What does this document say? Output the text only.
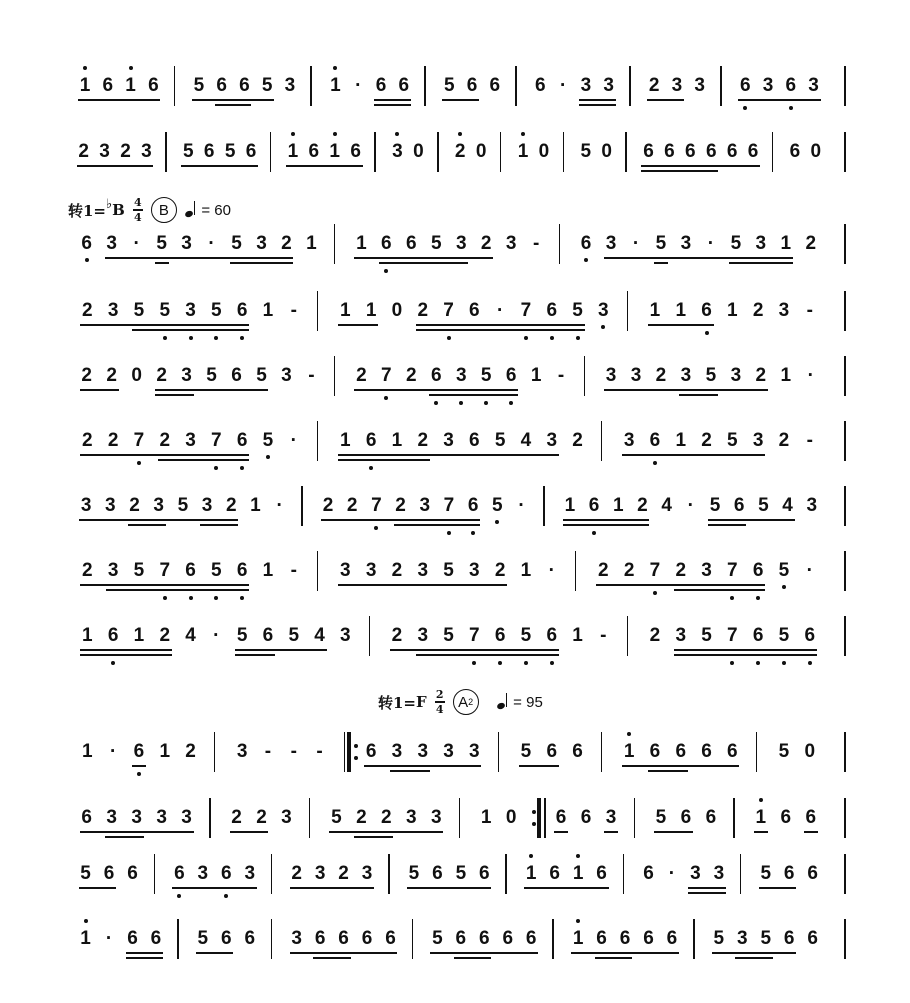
转1= ♭ B $\frac{4}{4}$ B = 60
转1= F $\frac{2}{4}$ A 2	= 95
1 6 1 6 5 6 6 5 3 1 · 6 6 5 6 6 6 · 3 3 2 3 3 6 3 6 3
2 3 2 3 5 6 5 6 1 6 1 6 3 0 2 0 1 0 5 0 6 6 6 6 6 6 6 0
6 3 · 5 3 · 5 3 2 1 1 6 6 5 3 2 3 - 6 3 · 5 3 · 5 3 1 2
2 3 5 5 3 5 6 1 - 1 1 0 2 7 6 · 7 6 5 3 1 1 6 1 2 3 -
2 2 0 2 3 5 6 5 3 - 2 7 2 6 3 5 6 1 - 3 3 2 3 5 3 2 1 ·
2 2 7 2 3 7 6 5 · 1 6 1 2 3 6 5 4 3 2 3 6 1 2 5 3 2 -
3 3 2 3 5 3 2 1 · 2 2 7 2 3 7 6 5 · 1 6 1 2 4 · 5 6 5 4 3
2 3 5 7 6 5 6 1 - 3 3 2 3 5 3 2 1 · 2 2 7 2 3 7 6 5 ·
1 6 1 2 4 · 5 6 5 4 3 2 3 5 7 6 5 6 1 - 2 3 5 7 6 5 6
1 · 6 1 2 3 - - - 6 3 3 3 3 5 6 6 1 6 6 6 6 5 0
6 3 3 3 3 2 2 3 5 2 2 3 3 1 0 6 6 3 5 6 6 1 6 6
5 6 6 6 3 6 3 2 3 2 3 5 6 5 6 1 6 1 6 6 · 3 3 5 6 6
1 · 6 6 5 6 6 3 6 6 6 6 5 6 6 6 6 1 6 6 6 6 5 3 5 6 6
